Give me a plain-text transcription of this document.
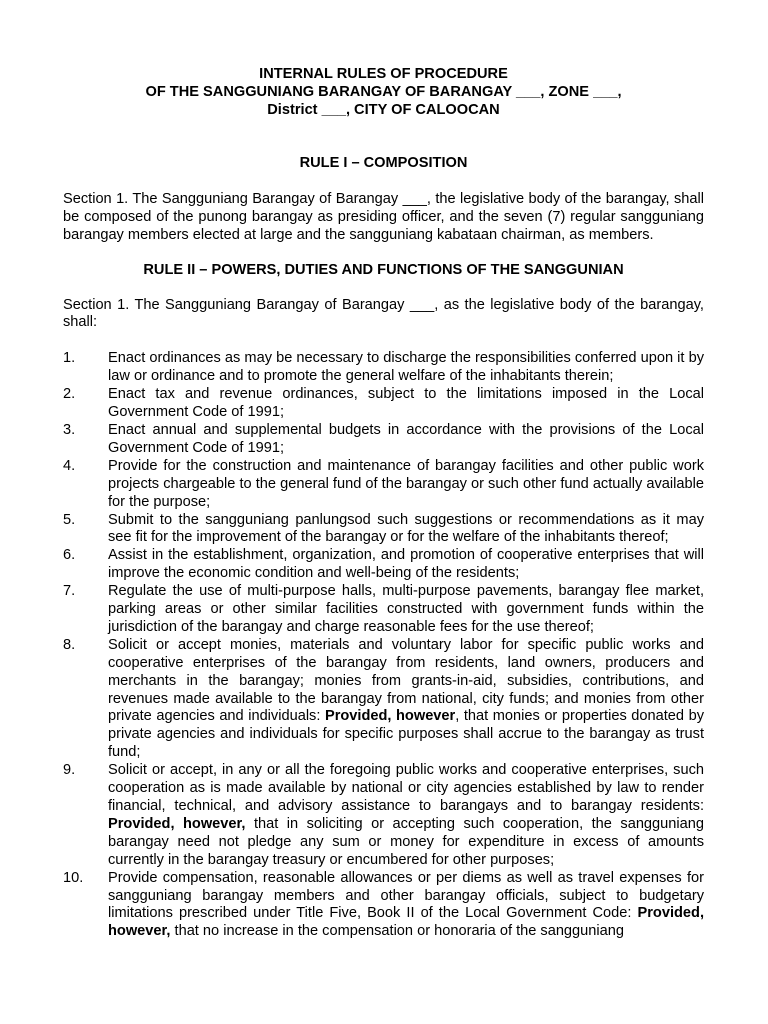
INTERNAL RULES OF PROCEDURE
OF THE SANGGUNIANG BARANGAY OF BARANGAY ___, ZONE ___,
District ___, CITY OF CALOOCAN
RULE I – COMPOSITION

Section 1. The Sangguniang Barangay of Barangay ___, the legislative body of the barangay, shall be composed of the punong barangay as presiding officer, and the seven (7) regular sangguniang barangay members elected at large and the sangguniang kabataan chairman, as members.

RULE II – POWERS, DUTIES AND FUNCTIONS OF THE SANGGUNIAN

Section 1. The Sangguniang Barangay of Barangay ___, as the legislative body of the barangay, shall:

1.	Enact ordinances as may be necessary to discharge the responsibilities conferred upon it by law or ordinance and to promote the general welfare of the inhabitants therein;
2.	Enact tax and revenue ordinances, subject to the limitations imposed in the Local Government Code of 1991;
3.	Enact annual and supplemental budgets in accordance with the provisions of the Local Government Code of 1991;
4.	Provide for the construction and maintenance of barangay facilities and other public work projects chargeable to the general fund of the barangay or such other fund actually available for the purpose;
5.	Submit to the sangguniang panlungsod such suggestions or recommendations as it may see fit for the improvement of the barangay or for the welfare of the inhabitants thereof;
6.	Assist in the establishment, organization, and promotion of cooperative enterprises that will improve the economic condition and well-being of the residents;
7.	Regulate the use of multi-purpose halls, multi-purpose pavements, barangay flee market, parking areas or other similar facilities constructed with government funds within the jurisdiction of the barangay and charge reasonable fees for the use thereof;
8.	Solicit or accept monies, materials and voluntary labor for specific public works and cooperative enterprises of the barangay from residents, land owners, producers and merchants in the barangay; monies from grants-in-aid, subsidies, contributions, and revenues made available to the barangay from national, city funds; and monies from other private agencies and individuals: Provided, however, that monies or properties donated by private agencies and individuals for specific purposes shall accrue to the barangay as trust fund;
9.	Solicit or accept, in any or all the foregoing public works and cooperative enterprises, such cooperation as is made available by national or city agencies established by law to render financial, technical, and advisory assistance to barangays and to barangay residents: Provided, however, that in soliciting or accepting such cooperation, the sangguniang barangay need not pledge any sum or money for expenditure in excess of amounts currently in the barangay treasury or encumbered for other purposes;
10.	Provide compensation, reasonable allowances or per diems as well as travel expenses for sangguniang barangay members and other barangay officials, subject to budgetary limitations prescribed under Title Five, Book II of the Local Government Code: Provided, however, that no increase in the compensation or honoraria of the sangguniang
